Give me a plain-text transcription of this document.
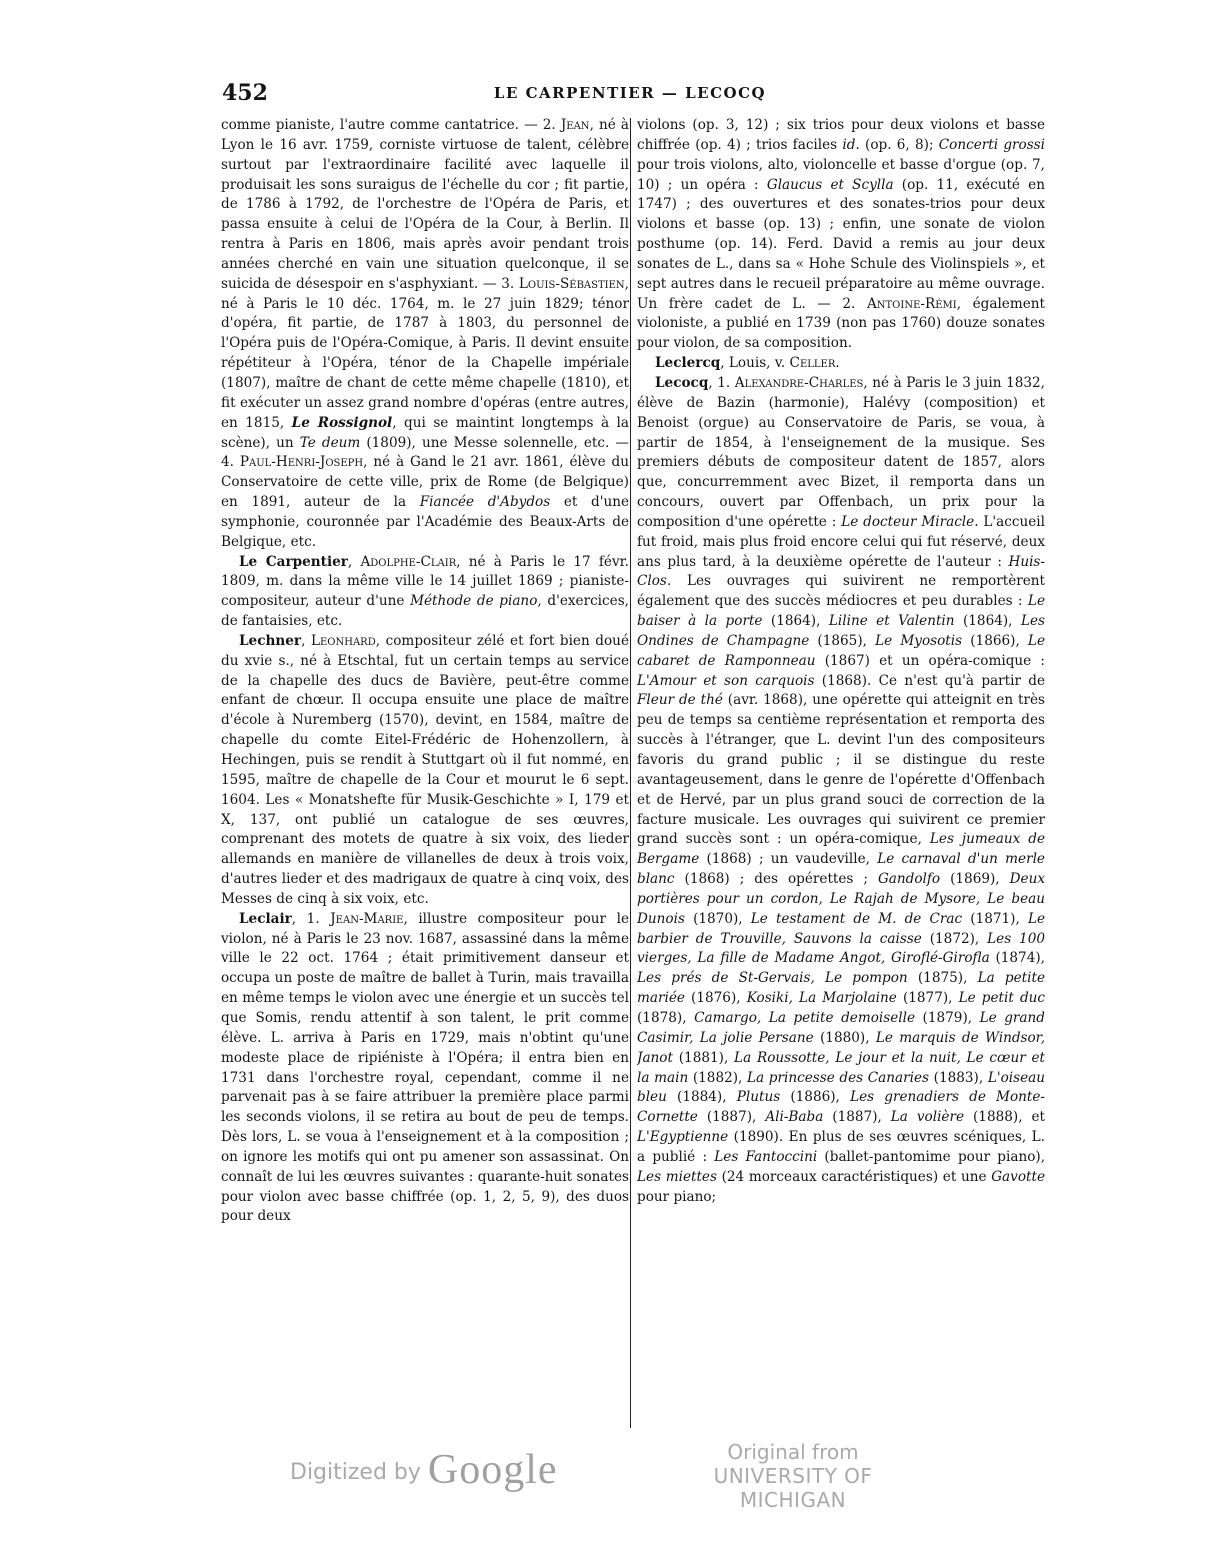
452	LE CARPENTIER — LECOCQ

comme pianiste, l'autre comme cantatrice. — 2. Jean, né à Lyon le 16 avr. 1759, corniste virtuose de talent, célèbre surtout par l'extraordinaire facilité avec laquelle il produisait les sons suraigus de l'échelle du cor ; fit partie, de 1786 à 1792, de l'orchestre de l'Opéra de Paris, et passa ensuite à celui de l'Opéra de la Cour, à Berlin. Il rentra à Paris en 1806, mais après avoir pendant trois années cherché en vain une situation quelconque, il se suicida de désespoir en s'asphyxiant. — 3. Louis-Sébastien, né à Paris le 10 déc. 1764, m. le 27 juin 1829; ténor d'opéra, fit partie, de 1787 à 1803, du personnel de l'Opéra puis de l'Opéra-Comique, à Paris. Il devint ensuite répétiteur à l'Opéra, ténor de la Chapelle impériale (1807), maître de chant de cette même chapelle (1810), et fit exécuter un assez grand nombre d'opéras (entre autres, en 1815, Le Rossignol, qui se maintint longtemps à la scène), un Te deum (1809), une Messe solennelle, etc. — 4. Paul-Henri-Joseph, né à Gand le 21 avr. 1861, élève du Conservatoire de cette ville, prix de Rome (de Belgique) en 1891, auteur de la Fiancée d'Abydos et d'une symphonie, couronnée par l'Académie des Beaux-Arts de Belgique, etc.

Le Carpentier, Adolphe-Clair, né à Paris le 17 févr. 1809, m. dans la même ville le 14 juillet 1869 ; pianiste-compositeur, auteur d'une Méthode de piano, d'exercices, de fantaisies, etc.

Lechner, Leonhard, compositeur zélé et fort bien doué du xvie s., né à Etschtal, fut un certain temps au service de la chapelle des ducs de Bavière, peut-être comme enfant de chœur. Il occupa ensuite une place de maître d'école à Nuremberg (1570), devint, en 1584, maître de chapelle du comte Eitel-Frédéric de Hohenzollern, à Hechingen, puis se rendit à Stuttgart où il fut nommé, en 1595, maître de chapelle de la Cour et mourut le 6 sept. 1604. Les « Monatshefte für Musik-Geschichte » I, 179 et X, 137, ont publié un catalogue de ses œuvres, comprenant des motets de quatre à six voix, des lieder allemands en manière de villanelles de deux à trois voix, d'autres lieder et des madrigaux de quatre à cinq voix, des Messes de cinq à six voix, etc.

Leclair, 1. Jean-Marie, illustre compositeur pour le violon, né à Paris le 23 nov. 1687, assassiné dans la même ville le 22 oct. 1764 ; était primitivement danseur et occupa un poste de maître de ballet à Turin, mais travailla en même temps le violon avec une énergie et un succès tel que Somis, rendu attentif à son talent, le prit comme élève. L. arriva à Paris en 1729, mais n'obtint qu'une modeste place de ripiéniste à l'Opéra; il entra bien en 1731 dans l'orchestre royal, cependant, comme il ne parvenait pas à se faire attribuer la première place parmi les seconds violons, il se retira au bout de peu de temps. Dès lors, L. se voua à l'enseignement et à la composition ; on ignore les motifs qui ont pu amener son assassinat. On connaît de lui les œuvres suivantes : quarante-huit sonates pour violon avec basse chiffrée (op. 1, 2, 5, 9), des duos pour deux

violons (op. 3, 12) ; six trios pour deux violons et basse chiffrée (op. 4) ; trios faciles id. (op. 6, 8); Concerti grossi pour trois violons, alto, violoncelle et basse d'orgue (op. 7, 10) ; un opéra : Glaucus et Scylla (op. 11, exécuté en 1747) ; des ouvertures et des sonates-trios pour deux violons et basse (op. 13) ; enfin, une sonate de violon posthume (op. 14). Ferd. David a remis au jour deux sonates de L., dans sa « Hohe Schule des Violinspiels », et sept autres dans le recueil préparatoire au même ouvrage. Un frère cadet de L. — 2. Antoine-Rémi, également violoniste, a publié en 1739 (non pas 1760) douze sonates pour violon, de sa composition.

Leclercq, Louis, v. Celler.

Lecocq, 1. Alexandre-Charles, né à Paris le 3 juin 1832, élève de Bazin (harmonie), Halévy (composition) et Benoist (orgue) au Conservatoire de Paris, se voua, à partir de 1854, à l'enseignement de la musique. Ses premiers débuts de compositeur datent de 1857, alors que, concurremment avec Bizet, il remporta dans un concours, ouvert par Offenbach, un prix pour la composition d'une opérette : Le docteur Miracle. L'accueil fut froid, mais plus froid encore celui qui fut réservé, deux ans plus tard, à la deuxième opérette de l'auteur : Huis-Clos. Les ouvrages qui suivirent ne remportèrent également que des succès médiocres et peu durables : Le baiser à la porte (1864), Liline et Valentin (1864), Les Ondines de Champagne (1865), Le Myosotis (1866), Le cabaret de Ramponneau (1867) et un opéra-comique : L'Amour et son carquois (1868). Ce n'est qu'à partir de Fleur de thé (avr. 1868), une opérette qui atteignit en très peu de temps sa centième représentation et remporta des succès à l'étranger, que L. devint l'un des compositeurs favoris du grand public ; il se distingue du reste avantageusement, dans le genre de l'opérette d'Offenbach et de Hervé, par un plus grand souci de correction de la facture musicale. Les ouvrages qui suivirent ce premier grand succès sont : un opéra-comique, Les jumeaux de Bergame (1868) ; un vaudeville, Le carnaval d'un merle blanc (1868) ; des opérettes ; Gandolfo (1869), Deux portières pour un cordon, Le Rajah de Mysore, Le beau Dunois (1870), Le testament de M. de Crac (1871), Le barbier de Trouville, Sauvons la caisse (1872), Les 100 vierges, La fille de Madame Angot, Giroflé-Girofla (1874), Les prés de St-Gervais, Le pompon (1875), La petite mariée (1876), Kosiki, La Marjolaine (1877), Le petit duc (1878), Camargo, La petite demoiselle (1879), Le grand Casimir, La jolie Persane (1880), Le marquis de Windsor, Janot (1881), La Roussotte, Le jour et la nuit, Le cœur et la main (1882), La princesse des Canaries (1883), L'oiseau bleu (1884), Plutus (1886), Les grenadiers de Monte-Cornette (1887), Ali-Baba (1887), La volière (1888), et L'Egyptienne (1890). En plus de ses œuvres scéniques, L. a publié : Les Fantoccini (ballet-pantomime pour piano), Les miettes (24 morceaux caractéristiques) et une Gavotte pour piano;

Digitized by Google	Original from
UNIVERSITY OF MICHIGAN
